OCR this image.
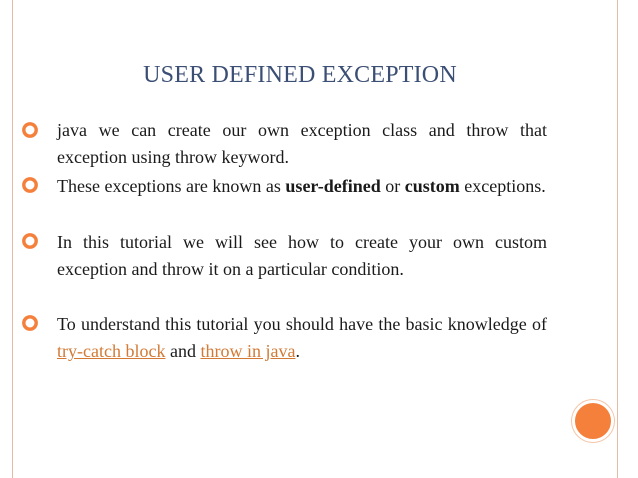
USER DEFINED EXCEPTION
java we can create our own exception class and throw that exception using throw keyword.
These exceptions are known as user-defined or custom exceptions.
In this tutorial we will see how to create your own custom exception and throw it on a particular condition.
To understand this tutorial you should have the basic knowledge of try-catch block and throw in java.
